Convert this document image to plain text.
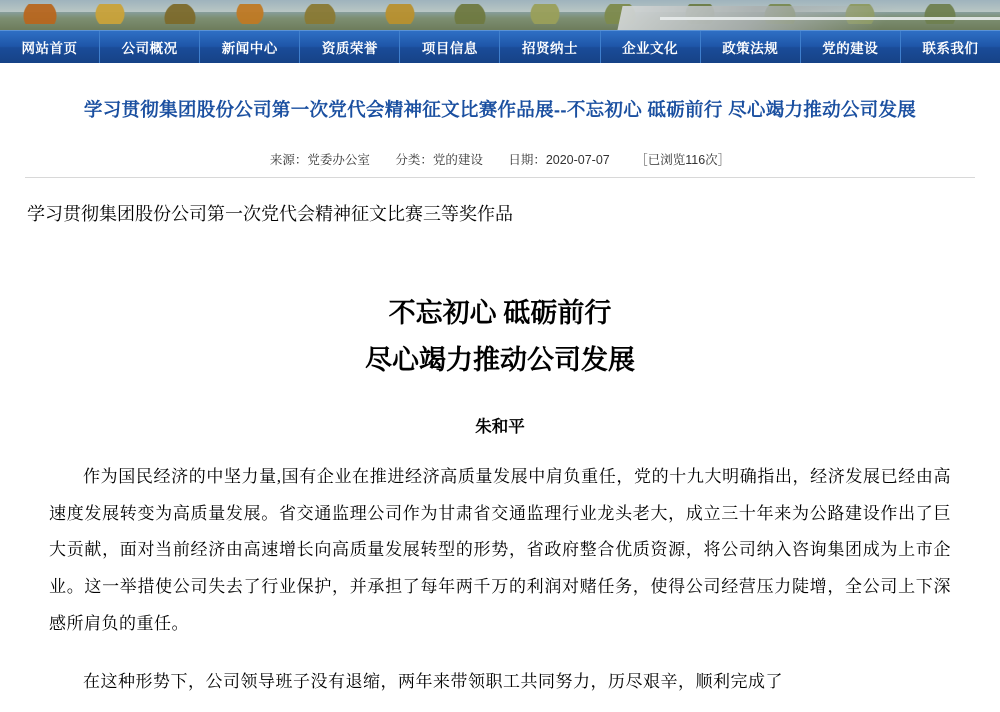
网站首页	公司概况	新闻中心	资质荣誉	项目信息	招贤纳士	企业文化	政策法规	党的建设	联系我们
学习贯彻集团股份公司第一次党代会精神征文比赛作品展--不忘初心 砥砺前行 尽心竭力推动公司发展
来源：党委办公室 分类：党的建设 日期：2020-07-07 ［已浏览116次］
学习贯彻集团股份公司第一次党代会精神征文比赛三等奖作品
不忘初心 砥砺前行
尽心竭力推动公司发展
朱和平

作为国民经济的中坚力量,国有企业在推进经济高质量发展中肩负重任，党的十九大明确指出，经济发展已经由高速度发展转变为高质量发展。省交通监理公司作为甘肃省交通监理行业龙头老大，成立三十年来为公路建设作出了巨大贡献，面对当前经济由高速增长向高质量发展转型的形势，省政府整合优质资源，将公司纳入咨询集团成为上市企业。这一举措使公司失去了行业保护，并承担了每年两千万的利润对赌任务，使得公司经营压力陡增，全公司上下深感所肩负的重任。

在这种形势下，公司领导班子没有退缩，两年来带领职工共同努力，历尽艰辛，顺利完成了
